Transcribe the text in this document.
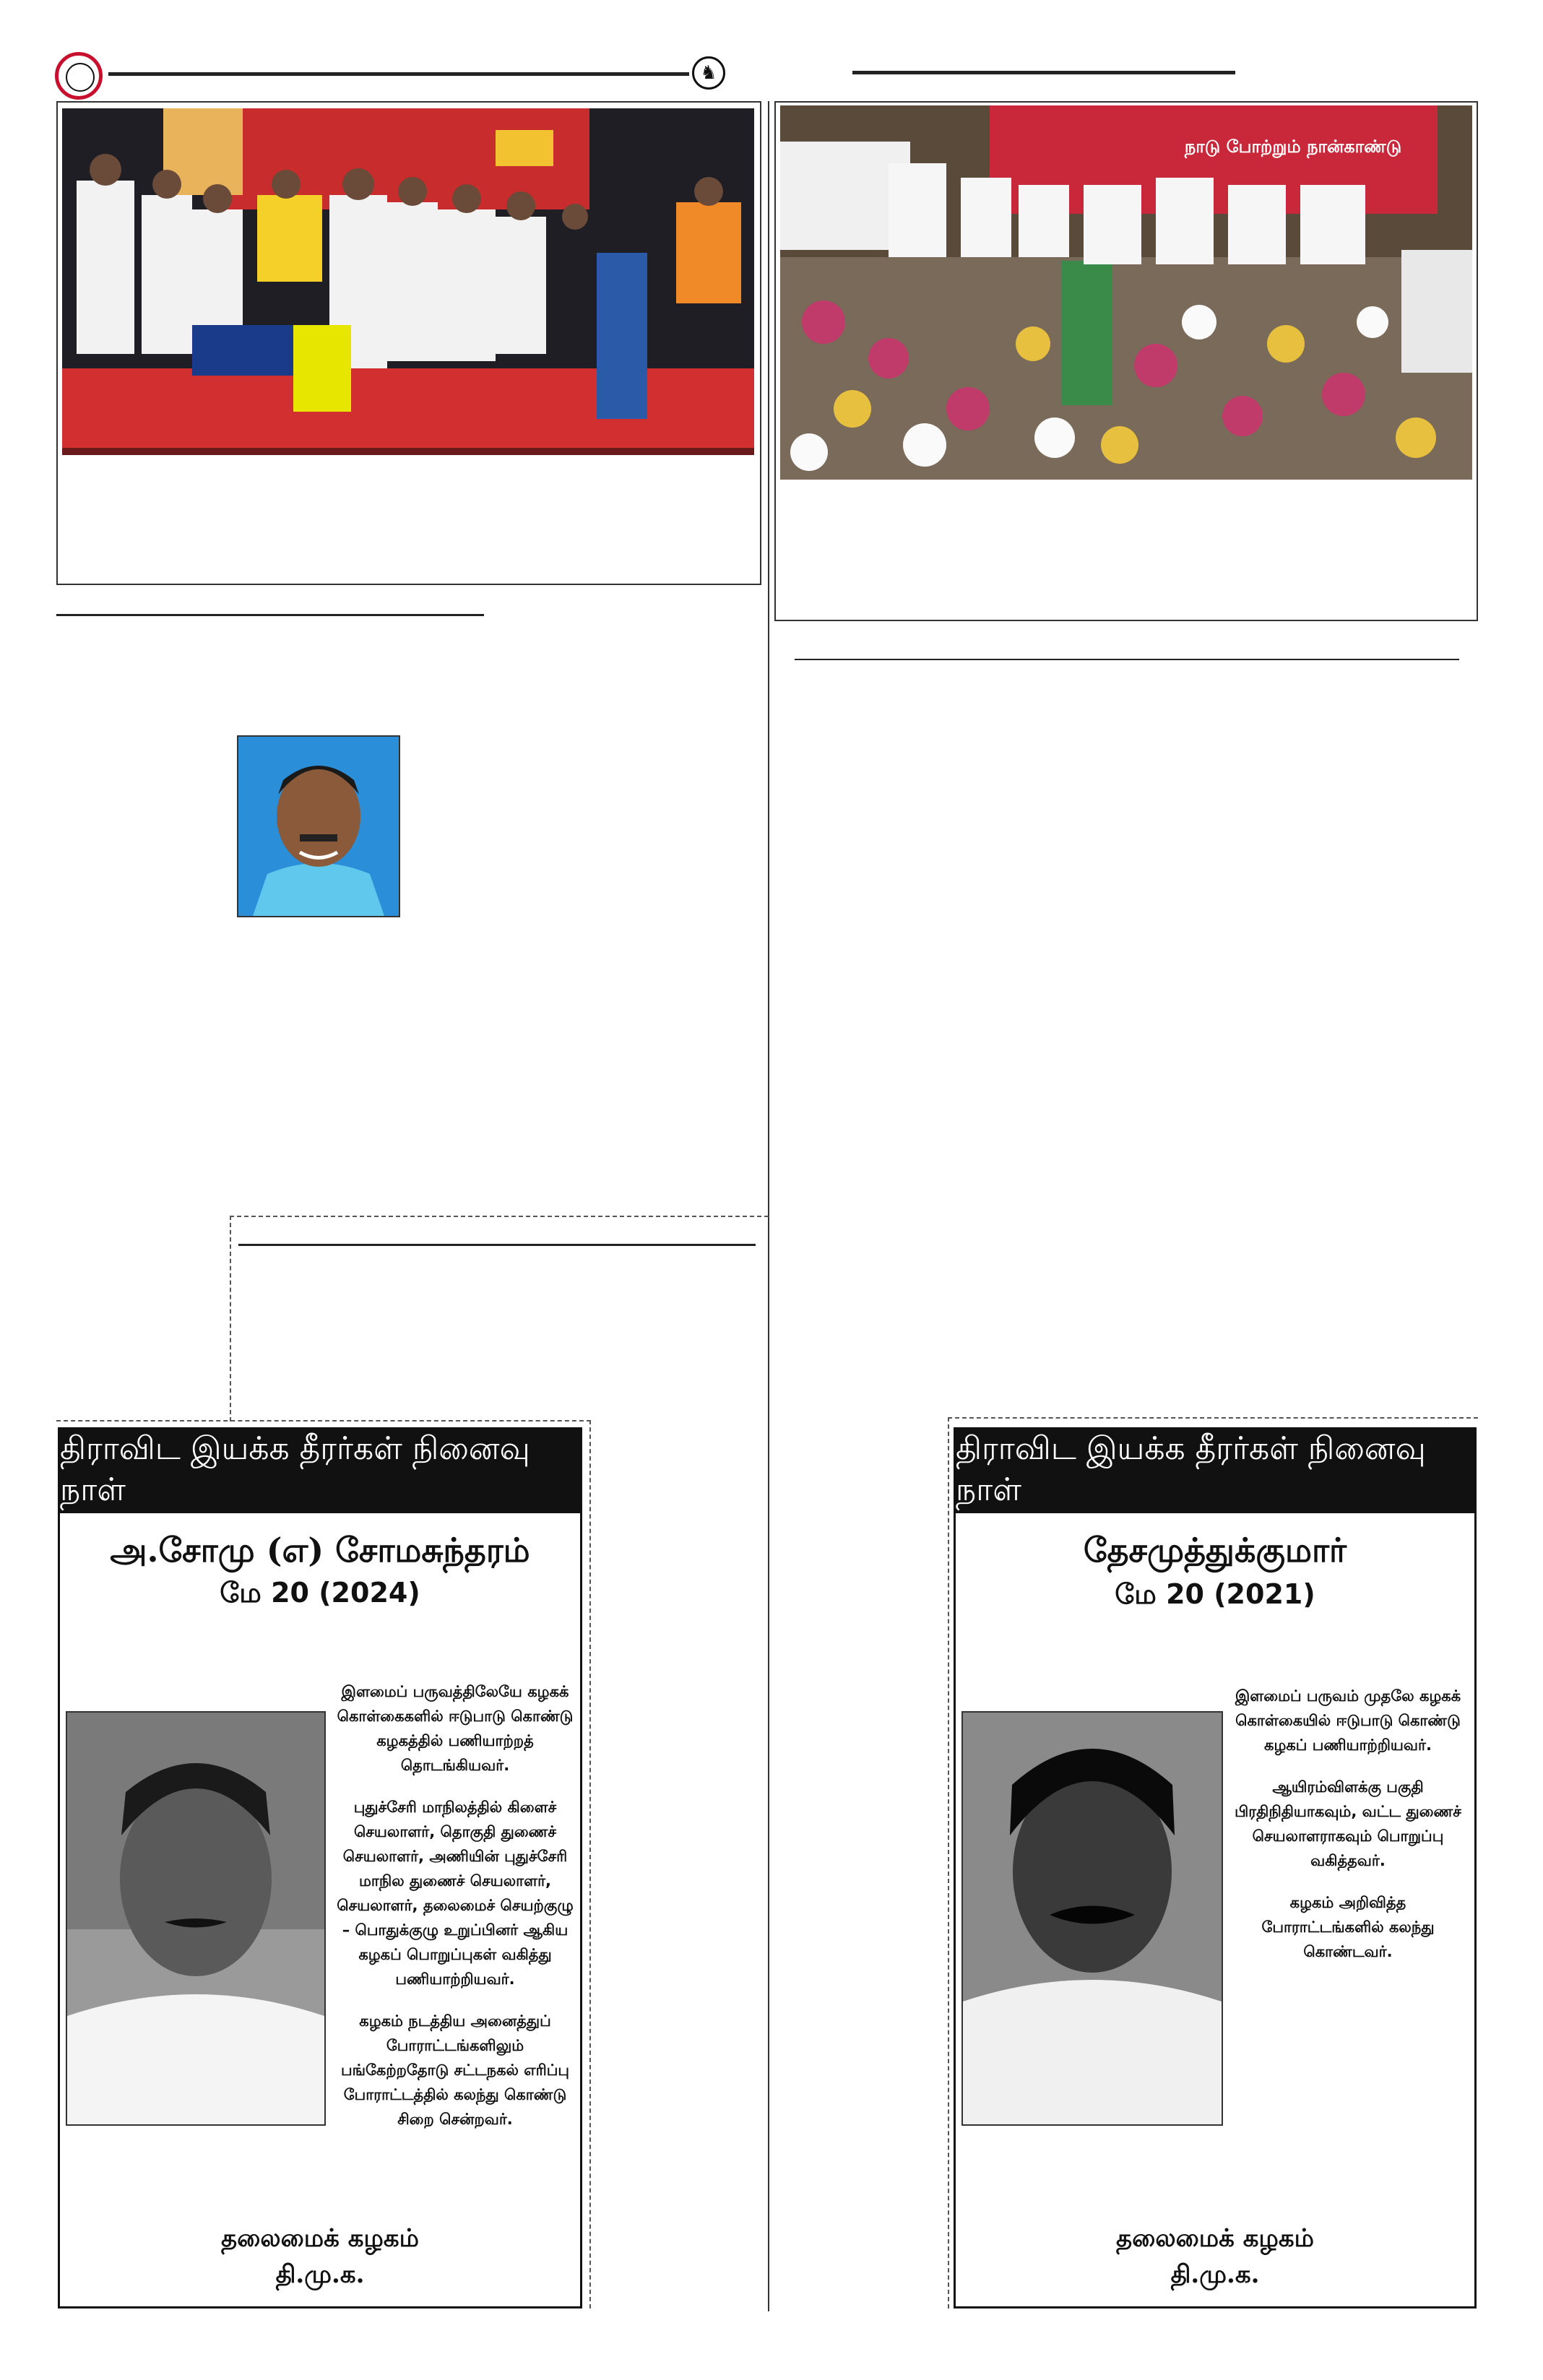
♞
நாடு போற்றும் நான்காண்டு
திராவிட இயக்க தீரர்கள் நினைவு நாள்
அ.சோமு (எ) சோமசுந்தரம்
மே 20 (2024)

இளமைப் பருவத்திலேயே கழகக் கொள்கைகளில் ஈடுபாடு கொண்டு கழகத்தில் பணியாற்றத் தொடங்கியவர்.

புதுச்சேரி மாநிலத்தில் கிளைச் செயலாளர், தொகுதி துணைச் செயலாளர், அணியின் புதுச்சேரி மாநில துணைச் செயலாளர், செயலாளர், தலைமைச் செயற்குழு – பொதுக்குழு உறுப்பினர் ஆகிய கழகப் பொறுப்புகள் வகித்து பணியாற்றியவர்.

கழகம் நடத்திய அனைத்துப் போராட்டங்களிலும் பங்கேற்றதோடு சட்டநகல் எரிப்பு போராட்டத்தில் கலந்து கொண்டு சிறை சென்றவர்.

தலைமைக் கழகம்
தி.மு.க.
திராவிட இயக்க தீரர்கள் நினைவு நாள்
தேசமுத்துக்குமார்
மே 20 (2021)

இளமைப் பருவம் முதலே கழகக் கொள்கையில் ஈடுபாடு கொண்டு கழகப் பணியாற்றியவர்.

ஆயிரம்விளக்கு பகுதி பிரதிநிதியாகவும், வட்ட துணைச் செயலாளராகவும் பொறுப்பு வகித்தவர்.

கழகம் அறிவித்த போராட்டங்களில் கலந்து கொண்டவர்.

தலைமைக் கழகம்
தி.மு.க.
